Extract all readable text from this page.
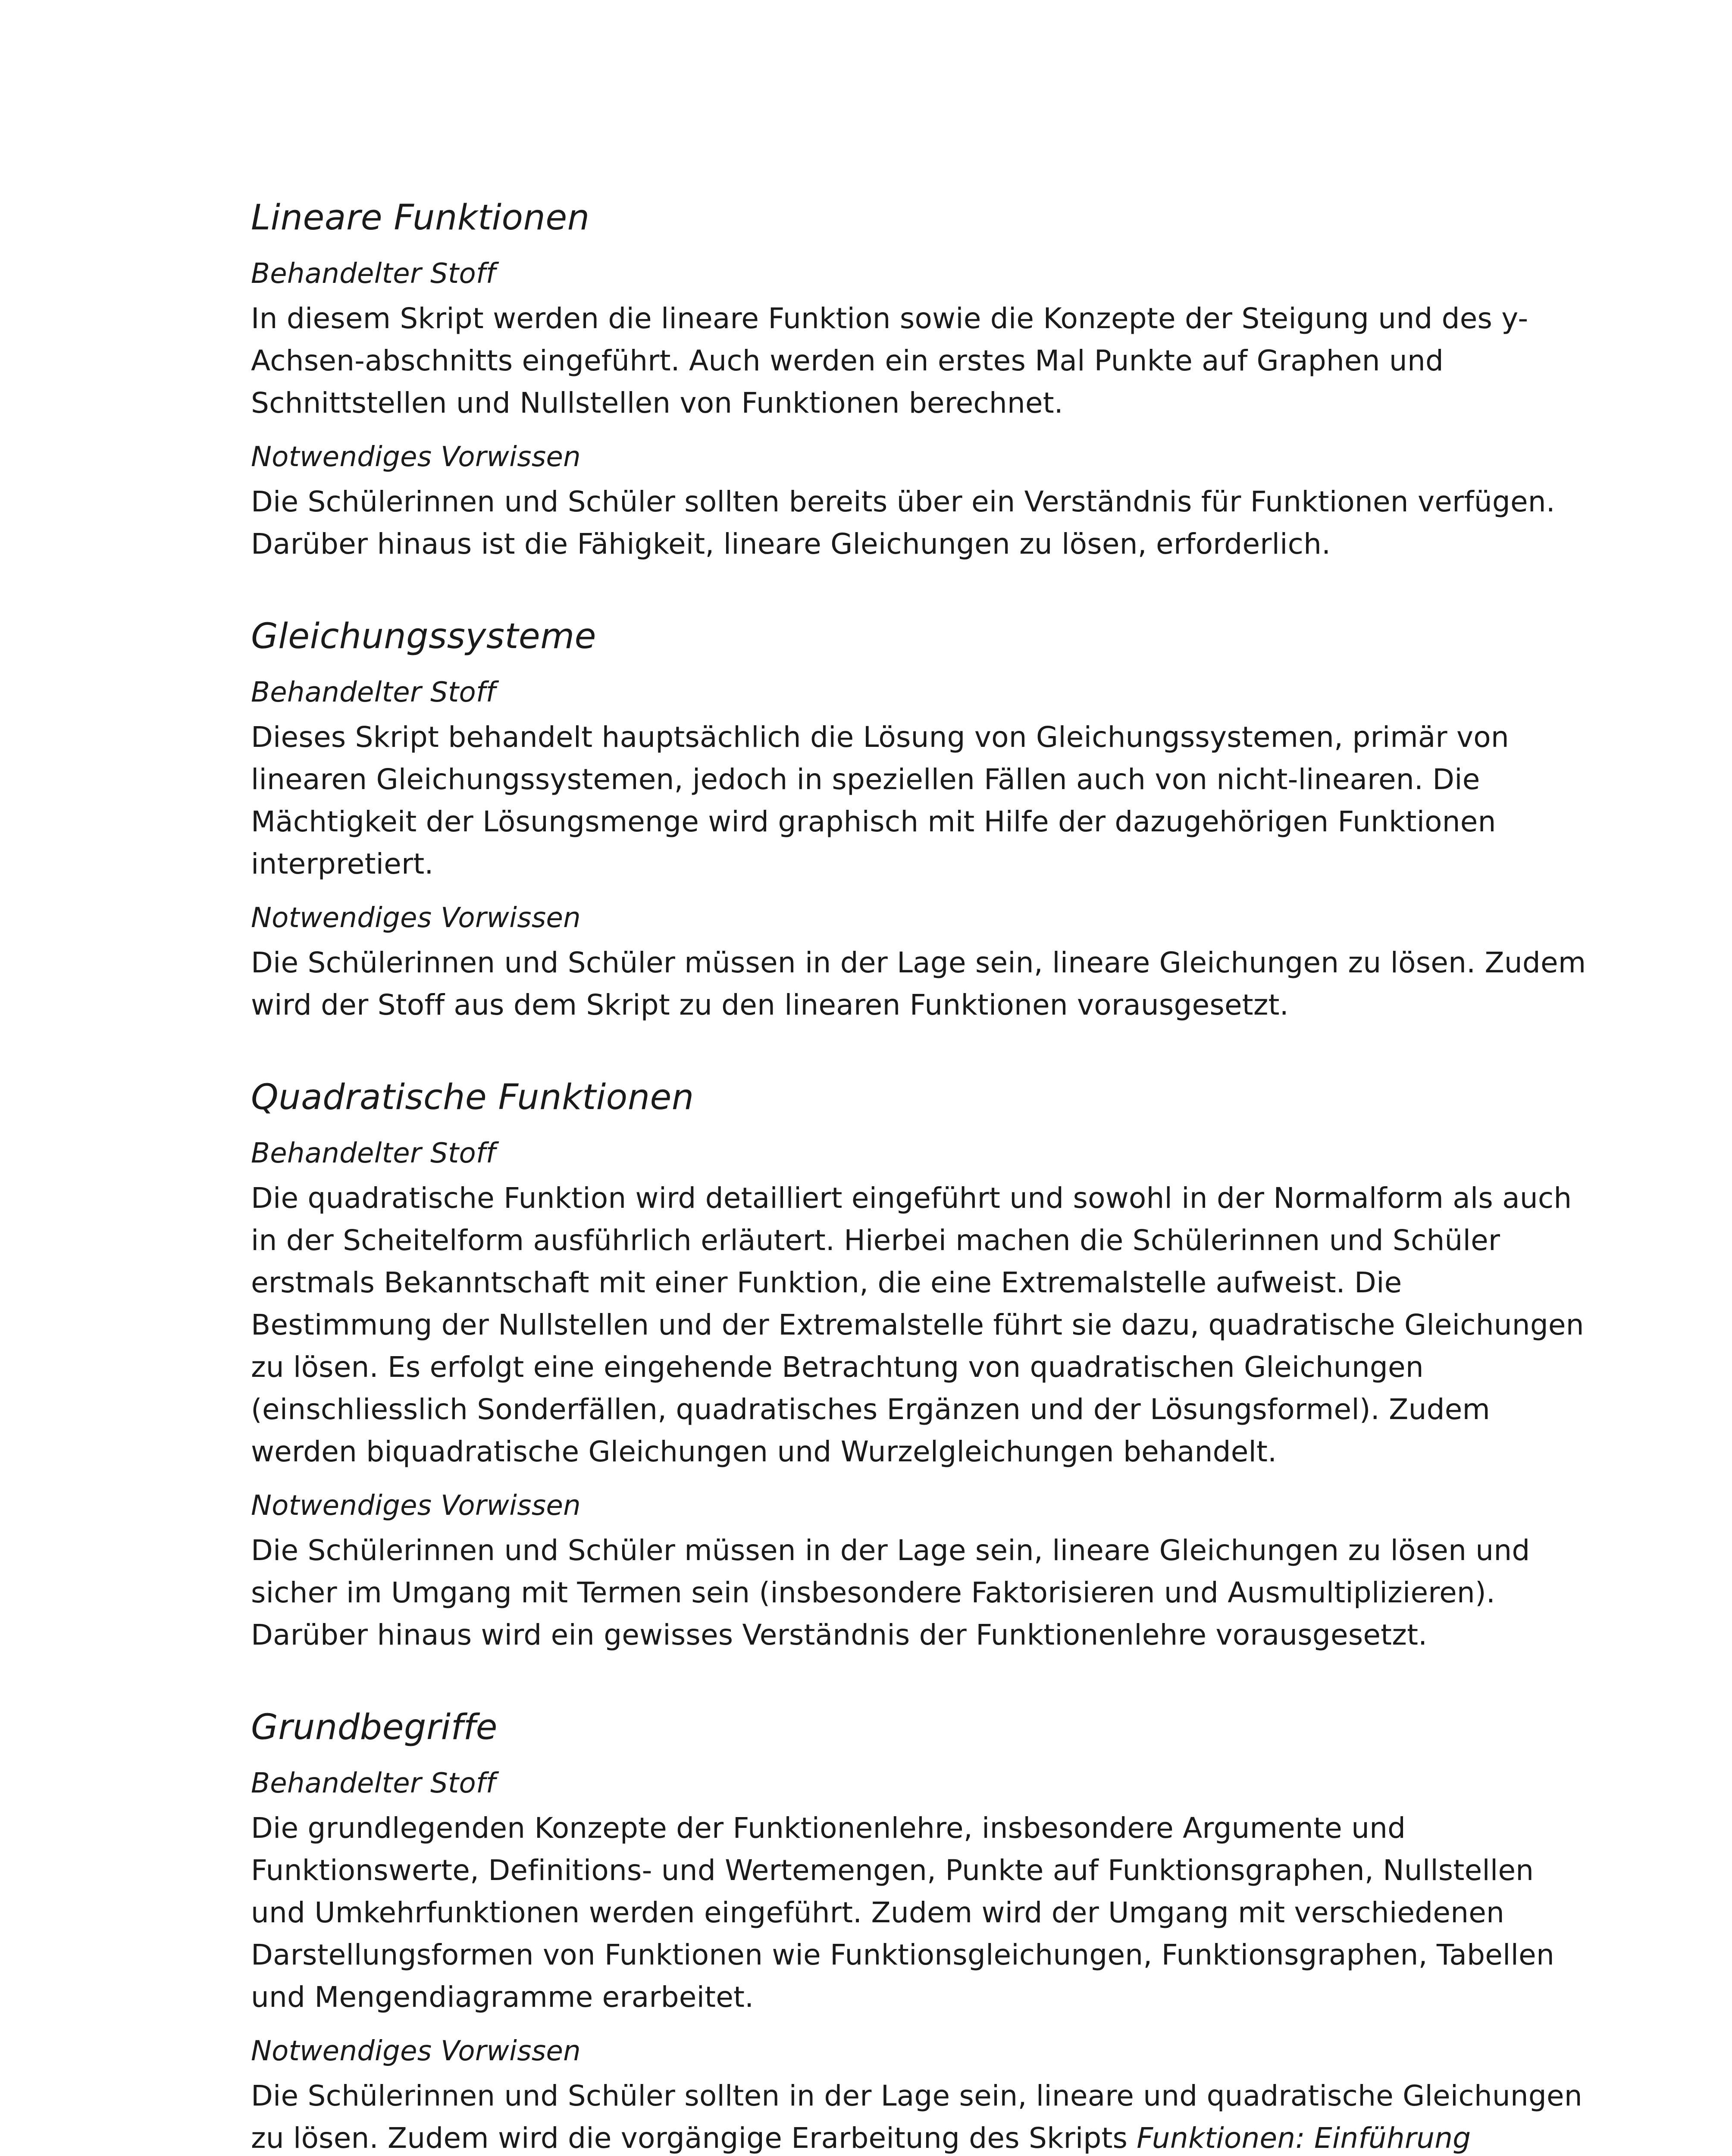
Lineare Funktionen
Behandelter Stoff

In diesem Skript werden die lineare Funktion sowie die Konzepte der Steigung und des y-Achsen-abschnitts eingeführt. Auch werden ein erstes Mal Punkte auf Graphen und Schnittstellen und Nullstellen von Funktionen berechnet.

Notwendiges Vorwissen

Die Schülerinnen und Schüler sollten bereits über ein Verständnis für Funktionen verfügen. Darüber hinaus ist die Fähigkeit, lineare Gleichungen zu lösen, erforderlich.

Gleichungssysteme
Behandelter Stoff

Dieses Skript behandelt hauptsächlich die Lösung von Gleichungssystemen, primär von linearen Gleichungssystemen, jedoch in speziellen Fällen auch von nicht-linearen. Die Mächtigkeit der Lösungsmenge wird graphisch mit Hilfe der dazugehörigen Funktionen interpretiert.

Notwendiges Vorwissen

Die Schülerinnen und Schüler müssen in der Lage sein, lineare Gleichungen zu lösen. Zudem wird der Stoff aus dem Skript zu den linearen Funktionen vorausgesetzt.

Quadratische Funktionen
Behandelter Stoff

Die quadratische Funktion wird detailliert eingeführt und sowohl in der Normalform als auch in der Scheitelform ausführlich erläutert. Hierbei machen die Schülerinnen und Schüler erstmals Bekanntschaft mit einer Funktion, die eine Extremalstelle aufweist. Die Bestimmung der Nullstellen und der Extremalstelle führt sie dazu, quadratische Gleichungen zu lösen. Es erfolgt eine eingehende Betrachtung von quadratischen Gleichungen (einschliesslich Sonderfällen, quadratisches Ergänzen und der Lösungsformel). Zudem werden biquadratische Gleichungen und Wurzelgleichungen behandelt.

Notwendiges Vorwissen

Die Schülerinnen und Schüler müssen in der Lage sein, lineare Gleichungen zu lösen und sicher im Umgang mit Termen sein (insbesondere Faktorisieren und Ausmultiplizieren). Darüber hinaus wird ein gewisses Verständnis der Funktionenlehre vorausgesetzt.

Grundbegriffe
Behandelter Stoff

Die grundlegenden Konzepte der Funktionenlehre, insbesondere Argumente und Funktionswerte, Definitions- und Wertemengen, Punkte auf Funktionsgraphen, Nullstellen und Umkehrfunktionen werden eingeführt. Zudem wird der Umgang mit verschiedenen Darstellungsformen von Funktionen wie Funktionsgleichungen, Funktionsgraphen, Tabellen und Mengendiagramme erarbeitet.

Notwendiges Vorwissen

Die Schülerinnen und Schüler sollten in der Lage sein, lineare und quadratische Gleichungen zu lösen. Zudem wird die vorgängige Erarbeitung des Skripts Funktionen: Einführung
